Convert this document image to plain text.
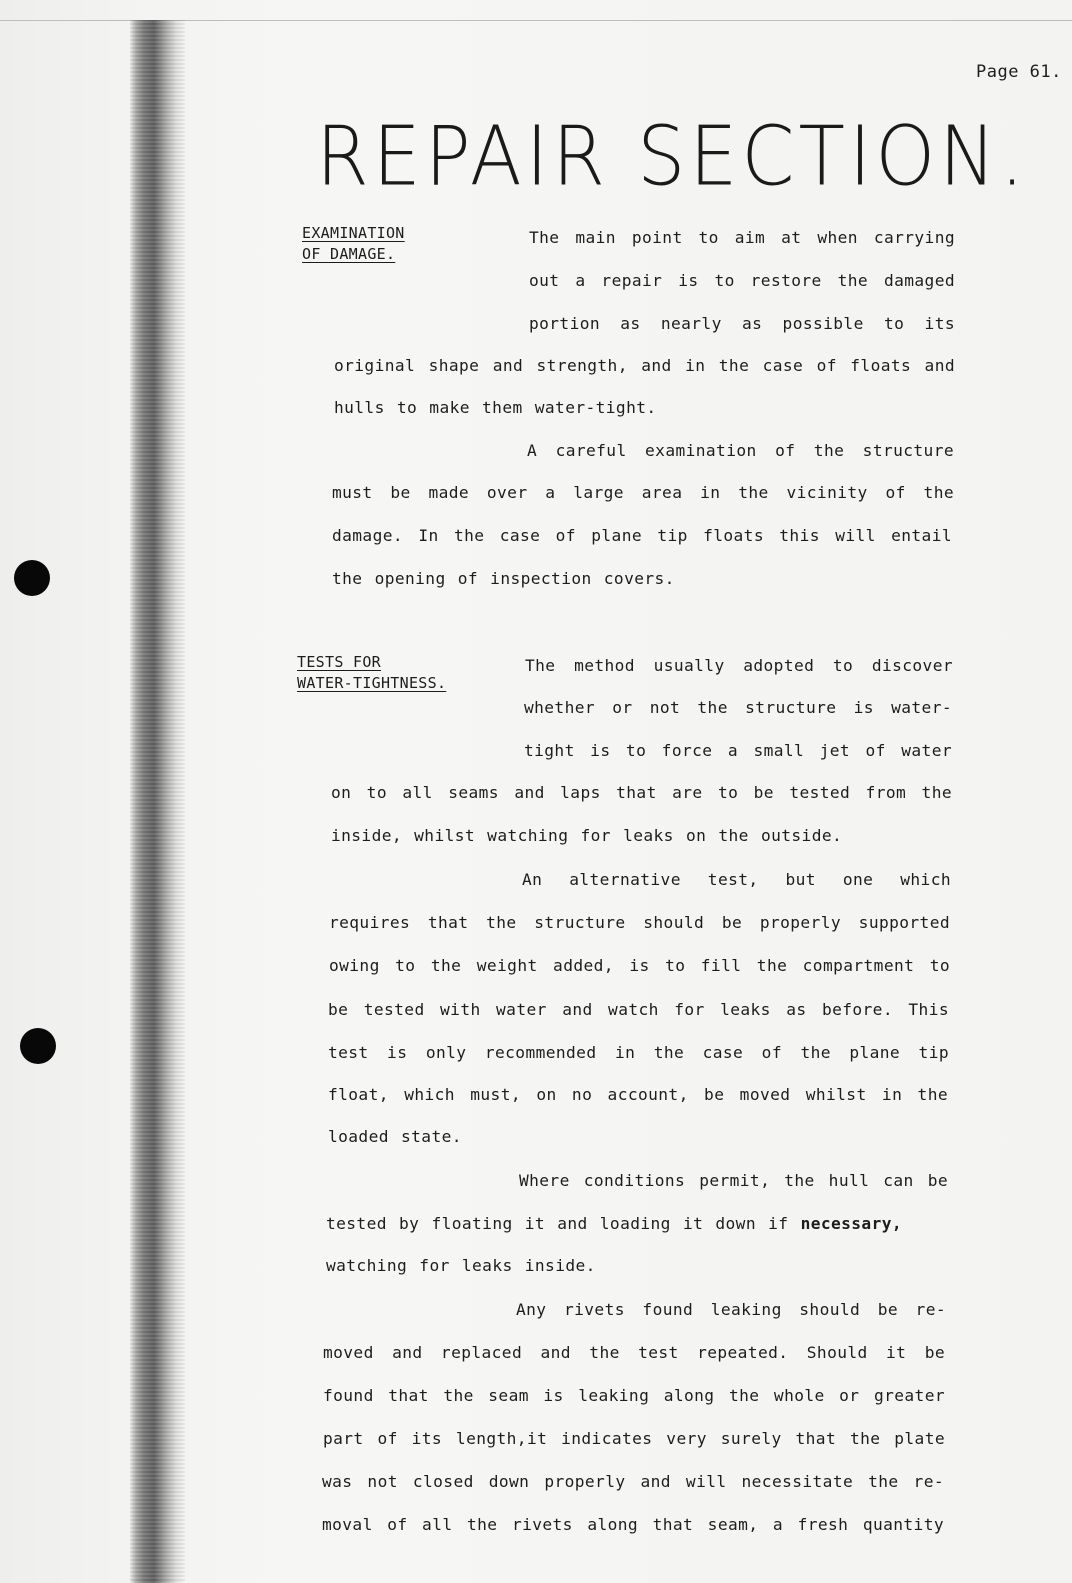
Page 61.
REPAIR SECTION.
EXAMINATION
OF DAMAGE.
The main point to aim at when carrying
out a repair is to restore the damaged
portion as nearly as possible to its
original shape and strength, and in the case of floats and
hulls to make them water-tight.
A careful examination of the structure
must be made over a large area in the vicinity of the
damage. In the case of plane tip floats this will entail
the opening of inspection covers.
TESTS FOR
WATER-TIGHTNESS.
The method usually adopted to discover
whether or not the structure is water-
tight is to force a small jet of water
on to all seams and laps that are to be tested from the
inside, whilst watching for leaks on the outside.
An alternative test, but one which
requires that the structure should be properly supported
owing to the weight added, is to fill the compartment to
be tested with water and watch for leaks as before. This
test is only recommended in the case of the plane tip
float, which must, on no account, be moved whilst in the
loaded state.
Where conditions permit, the hull can be
tested by floating it and loading it down if necessary,
watching for leaks inside.
Any rivets found leaking should be re-
moved and replaced and the test repeated. Should it be
found that the seam is leaking along the whole or greater
part of its length,it indicates very surely that the plate
was not closed down properly and will necessitate the re-
moval of all the rivets along that seam, a fresh quantity
